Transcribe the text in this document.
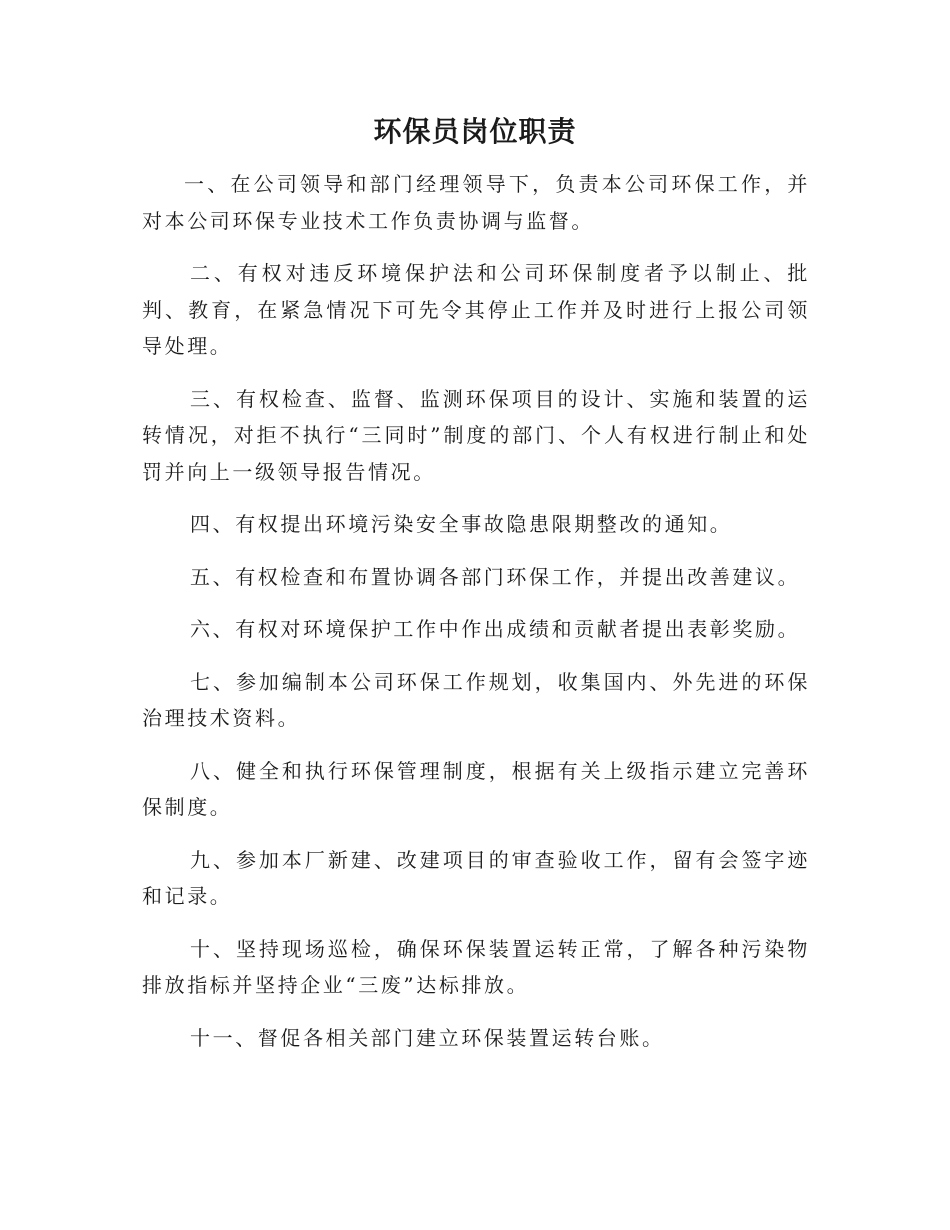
环保员岗位职责

一、在公司领导和部门经理领导下，负责本公司环保工作，并对本公司环保专业技术工作负责协调与监督。

二、有权对违反环境保护法和公司环保制度者予以制止、批判、教育，在紧急情况下可先令其停止工作并及时进行上报公司领导处理。

三、有权检查、监督、监测环保项目的设计、实施和装置的运转情况，对拒不执行“三同时”制度的部门、个人有权进行制止和处罚并向上一级领导报告情况。

四、有权提出环境污染安全事故隐患限期整改的通知。

五、有权检查和布置协调各部门环保工作，并提出改善建议。

六、有权对环境保护工作中作出成绩和贡献者提出表彰奖励。

七、参加编制本公司环保工作规划，收集国内、外先进的环保治理技术资料。

八、健全和执行环保管理制度，根据有关上级指示建立完善环保制度。

九、参加本厂新建、改建项目的审查验收工作，留有会签字迹和记录。

十、坚持现场巡检，确保环保装置运转正常，了解各种污染物排放指标并坚持企业“三废”达标排放。

十一、督促各相关部门建立环保装置运转台账。
